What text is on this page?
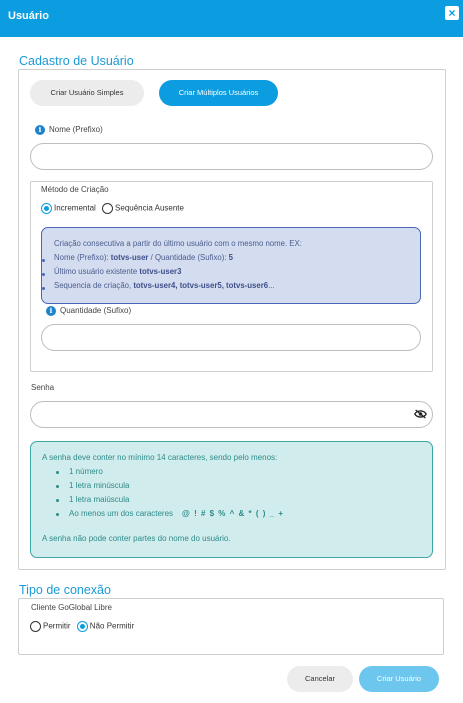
Usuário	×
Cadastro de Usuário
Criar Usuário Simples	Criar Múltiplos Usuários
i Nome (Prefixo)
Método de Criação
Incremental Sequência Ausente
Criação consecutiva a partir do último usuário com o mesmo nome. EX:
Nome (Prefixo): totvs-user / Quantidade (Sufixo): 5
Último usuário existente totvs-user3
Sequencia de criação, totvs-user4, totvs-user5, totvs-user6...
i Quantidade (Sufixo)
Senha
A senha deve conter no mínimo 14 caracteres, sendo pelo menos:
1 número
1 letra minúscula
1 letra maiúscula
Ao menos um dos caracteres @ ! # $ % ^ & * ( ) _ +
A senha não pode conter partes do nome do usuário.
Tipo de conexão
Cliente GoGlobal Libre
Permitir Não Permitir
Cancelar	Criar Usuário
